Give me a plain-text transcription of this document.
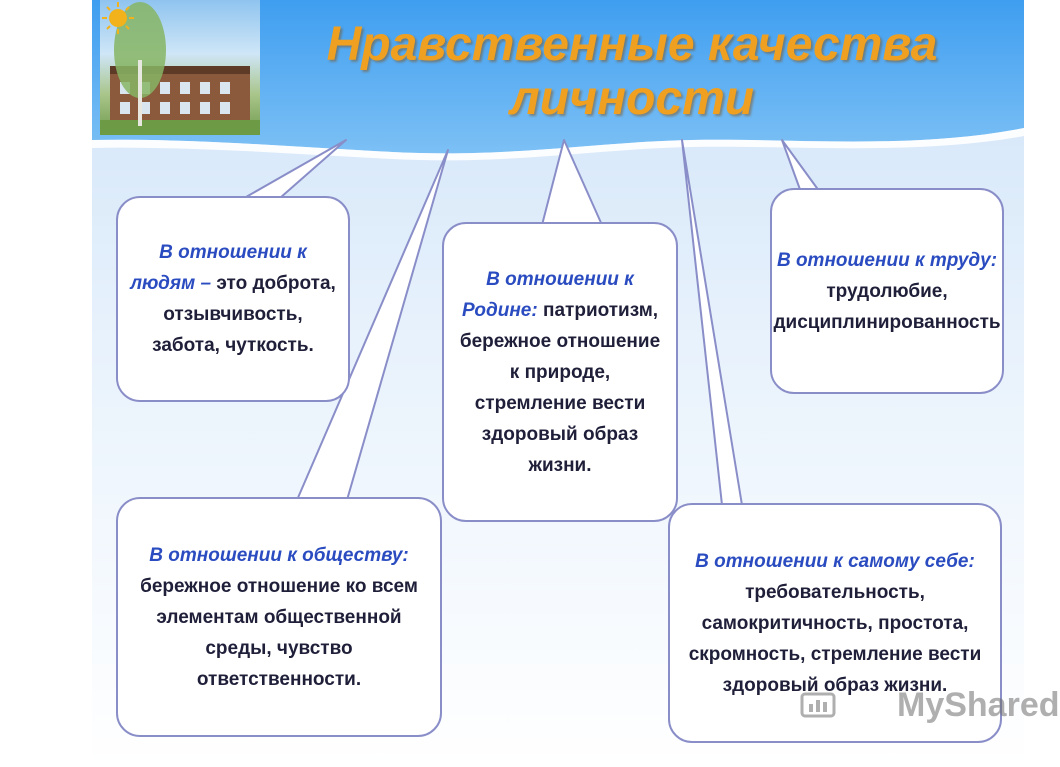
Нравственные качества
личности
В отношении к людям – это доброта, отзывчивость, забота, чуткость.
В отношении к Родине: патриотизм, бережное отношение к природе, стремление вести здоровый образ жизни.
В отношении к труду: трудолюбие, дисциплинированность
В отношении к обществу: бережное отношение ко всем элементам общественной среды, чувство ответственности.
В отношении к самому себе: требовательность, самокритичность, простота, скромность, стремление вести здоровый образ жизни.
MyShared
